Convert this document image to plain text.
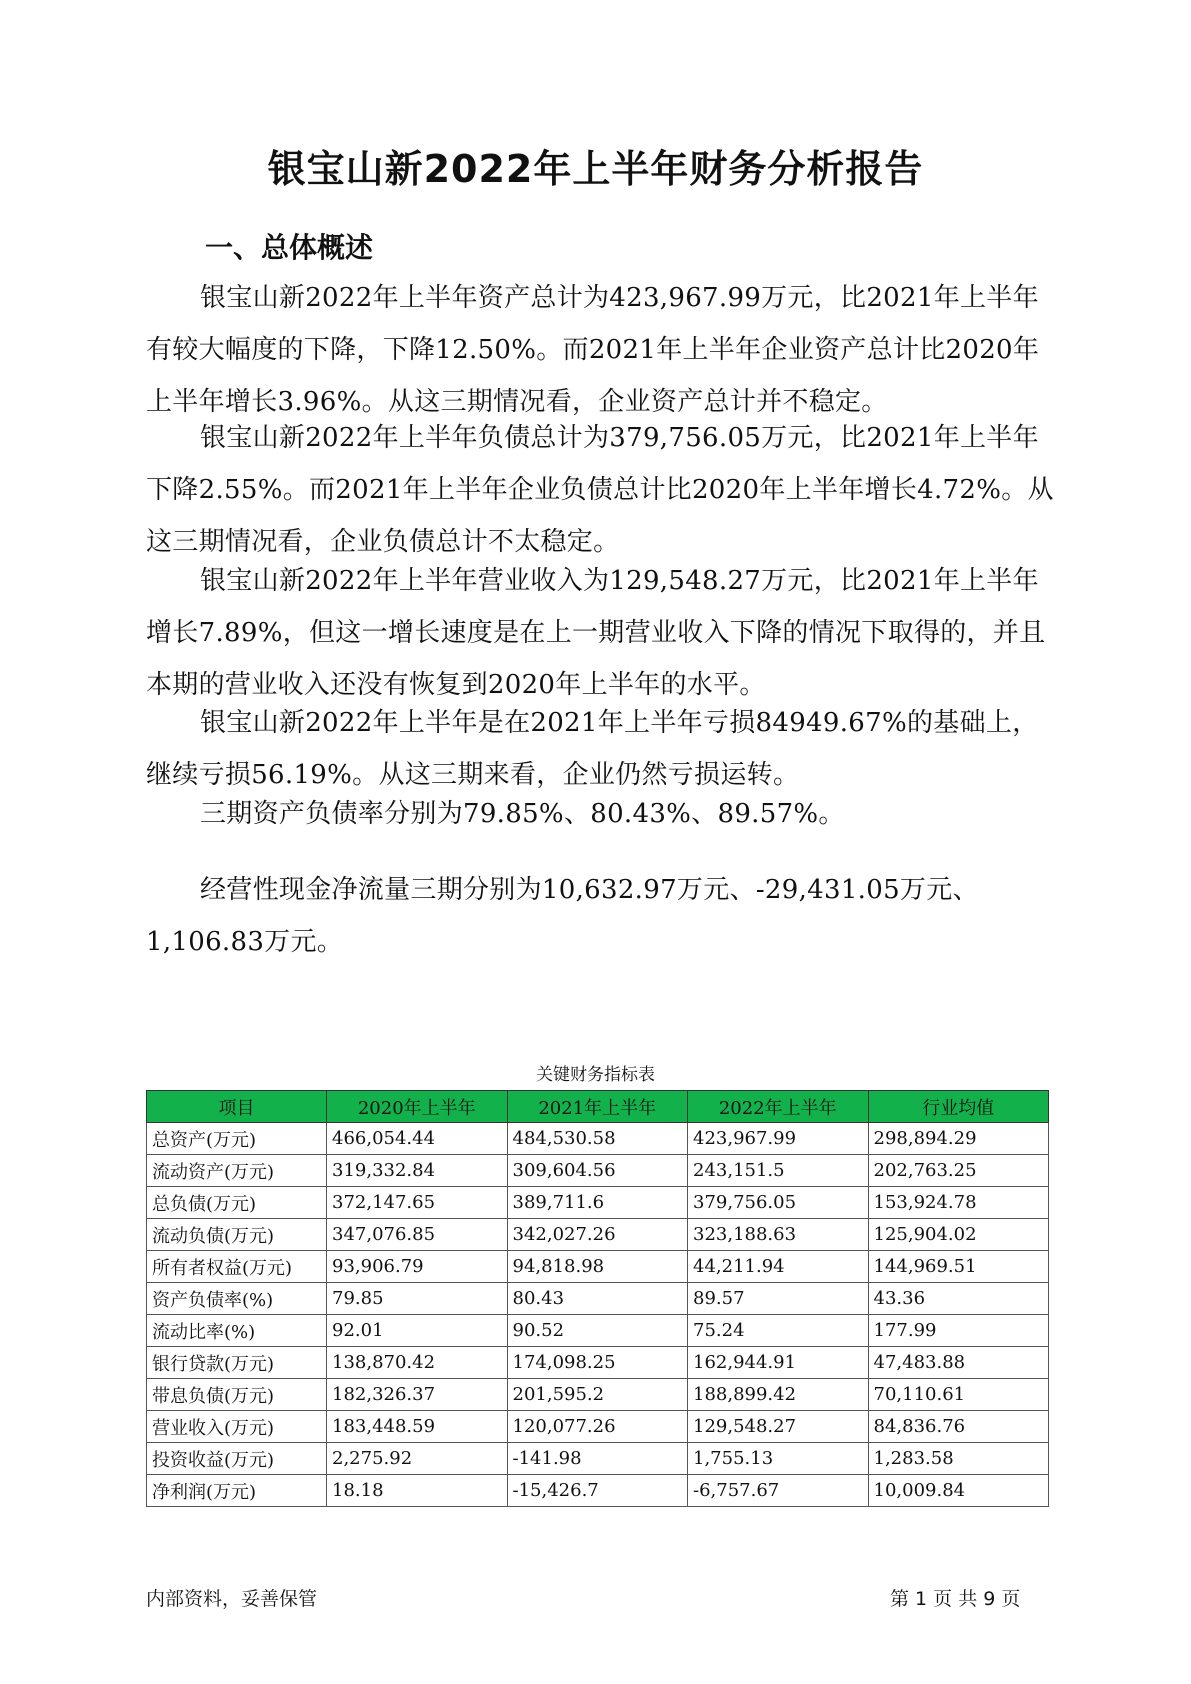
银宝山新2022年上半年财务分析报告
一、总体概述

银宝山新2022年上半年资产总计为423,967.99万元，比2021年上半年有较大幅度的下降，下降12.50%。而2021年上半年企业资产总计比2020年上半年增长3.96%。从这三期情况看，企业资产总计并不稳定。

银宝山新2022年上半年负债总计为379,756.05万元，比2021年上半年下降2.55%。而2021年上半年企业负债总计比2020年上半年增长4.72%。从这三期情况看，企业负债总计不太稳定。

银宝山新2022年上半年营业收入为129,548.27万元，比2021年上半年增长7.89%，但这一增长速度是在上一期营业收入下降的情况下取得的，并且本期的营业收入还没有恢复到2020年上半年的水平。

银宝山新2022年上半年是在2021年上半年亏损84949.67%的基础上，继续亏损56.19%。从这三期来看，企业仍然亏损运转。

三期资产负债率分别为79.85%、80.43%、89.57%。

经营性现金净流量三期分别为10,632.97万元、-29,431.05万元、1,106.83万元。

关键财务指标表
项目	2020年上半年	2021年上半年	2022年上半年	行业均值
总资产(万元)	466,054.44	484,530.58	423,967.99	298,894.29
流动资产(万元)	319,332.84	309,604.56	243,151.5	202,763.25
总负债(万元)	372,147.65	389,711.6	379,756.05	153,924.78
流动负债(万元)	347,076.85	342,027.26	323,188.63	125,904.02
所有者权益(万元)	93,906.79	94,818.98	44,211.94	144,969.51
资产负债率(%)	79.85	80.43	89.57	43.36
流动比率(%)	92.01	90.52	75.24	177.99
银行贷款(万元)	138,870.42	174,098.25	162,944.91	47,483.88
带息负债(万元)	182,326.37	201,595.2	188,899.42	70,110.61
营业收入(万元)	183,448.59	120,077.26	129,548.27	84,836.76
投资收益(万元)	2,275.92	-141.98	1,755.13	1,283.58
净利润(万元)	18.18	-15,426.7	-6,757.67	10,009.84
内部资料，妥善保管	第 1 页 共 9 页
